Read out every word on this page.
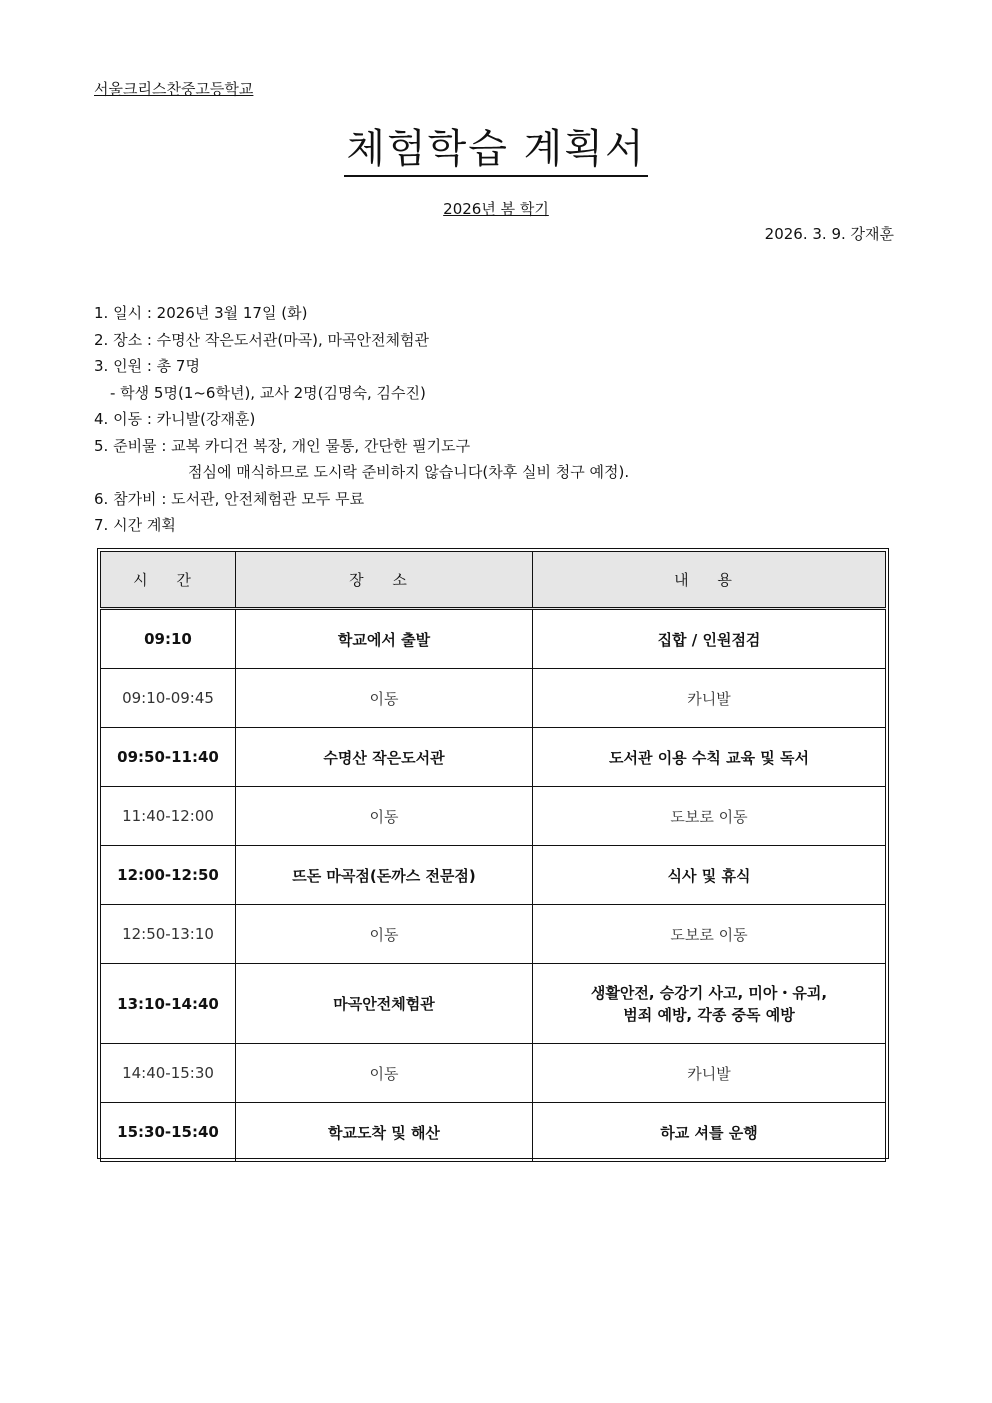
서울크리스찬중고등학교
체험학습 계획서
2026년 봄 학기
2026. 3. 9. 강재훈
1. 일시 : 2026년 3월 17일 (화)
2. 장소 : 수명산 작은도서관(마곡), 마곡안전체험관
3. 인원 : 총 7명
- 학생 5명(1~6학년), 교사 2명(김명숙, 김수진)
4. 이동 : 카니발(강재훈)
5. 준비물 : 교복 카디건 복장, 개인 물통, 간단한 필기도구
점심에 매식하므로 도시락 준비하지 않습니다(차후 실비 청구 예정).
6. 참가비 : 도서관, 안전체험관 모두 무료
7. 시간 계획
시 간	장 소	내 용
09:10	학교에서 출발	집합 / 인원점검
09:10-09:45	이동	카니발
09:50-11:40	수명산 작은도서관	도서관 이용 수칙 교육 및 독서
11:40-12:00	이동	도보로 이동
12:00-12:50	뜨돈 마곡점(돈까스 전문점)	식사 및 휴식
12:50-13:10	이동	도보로 이동
13:10-14:40	마곡안전체험관	생활안전, 승강기 사고, 미아・유괴,
범죄 예방, 각종 중독 예방

14:40-15:30	이동	카니발
15:30-15:40	학교도착 및 해산	하교 셔틀 운행
